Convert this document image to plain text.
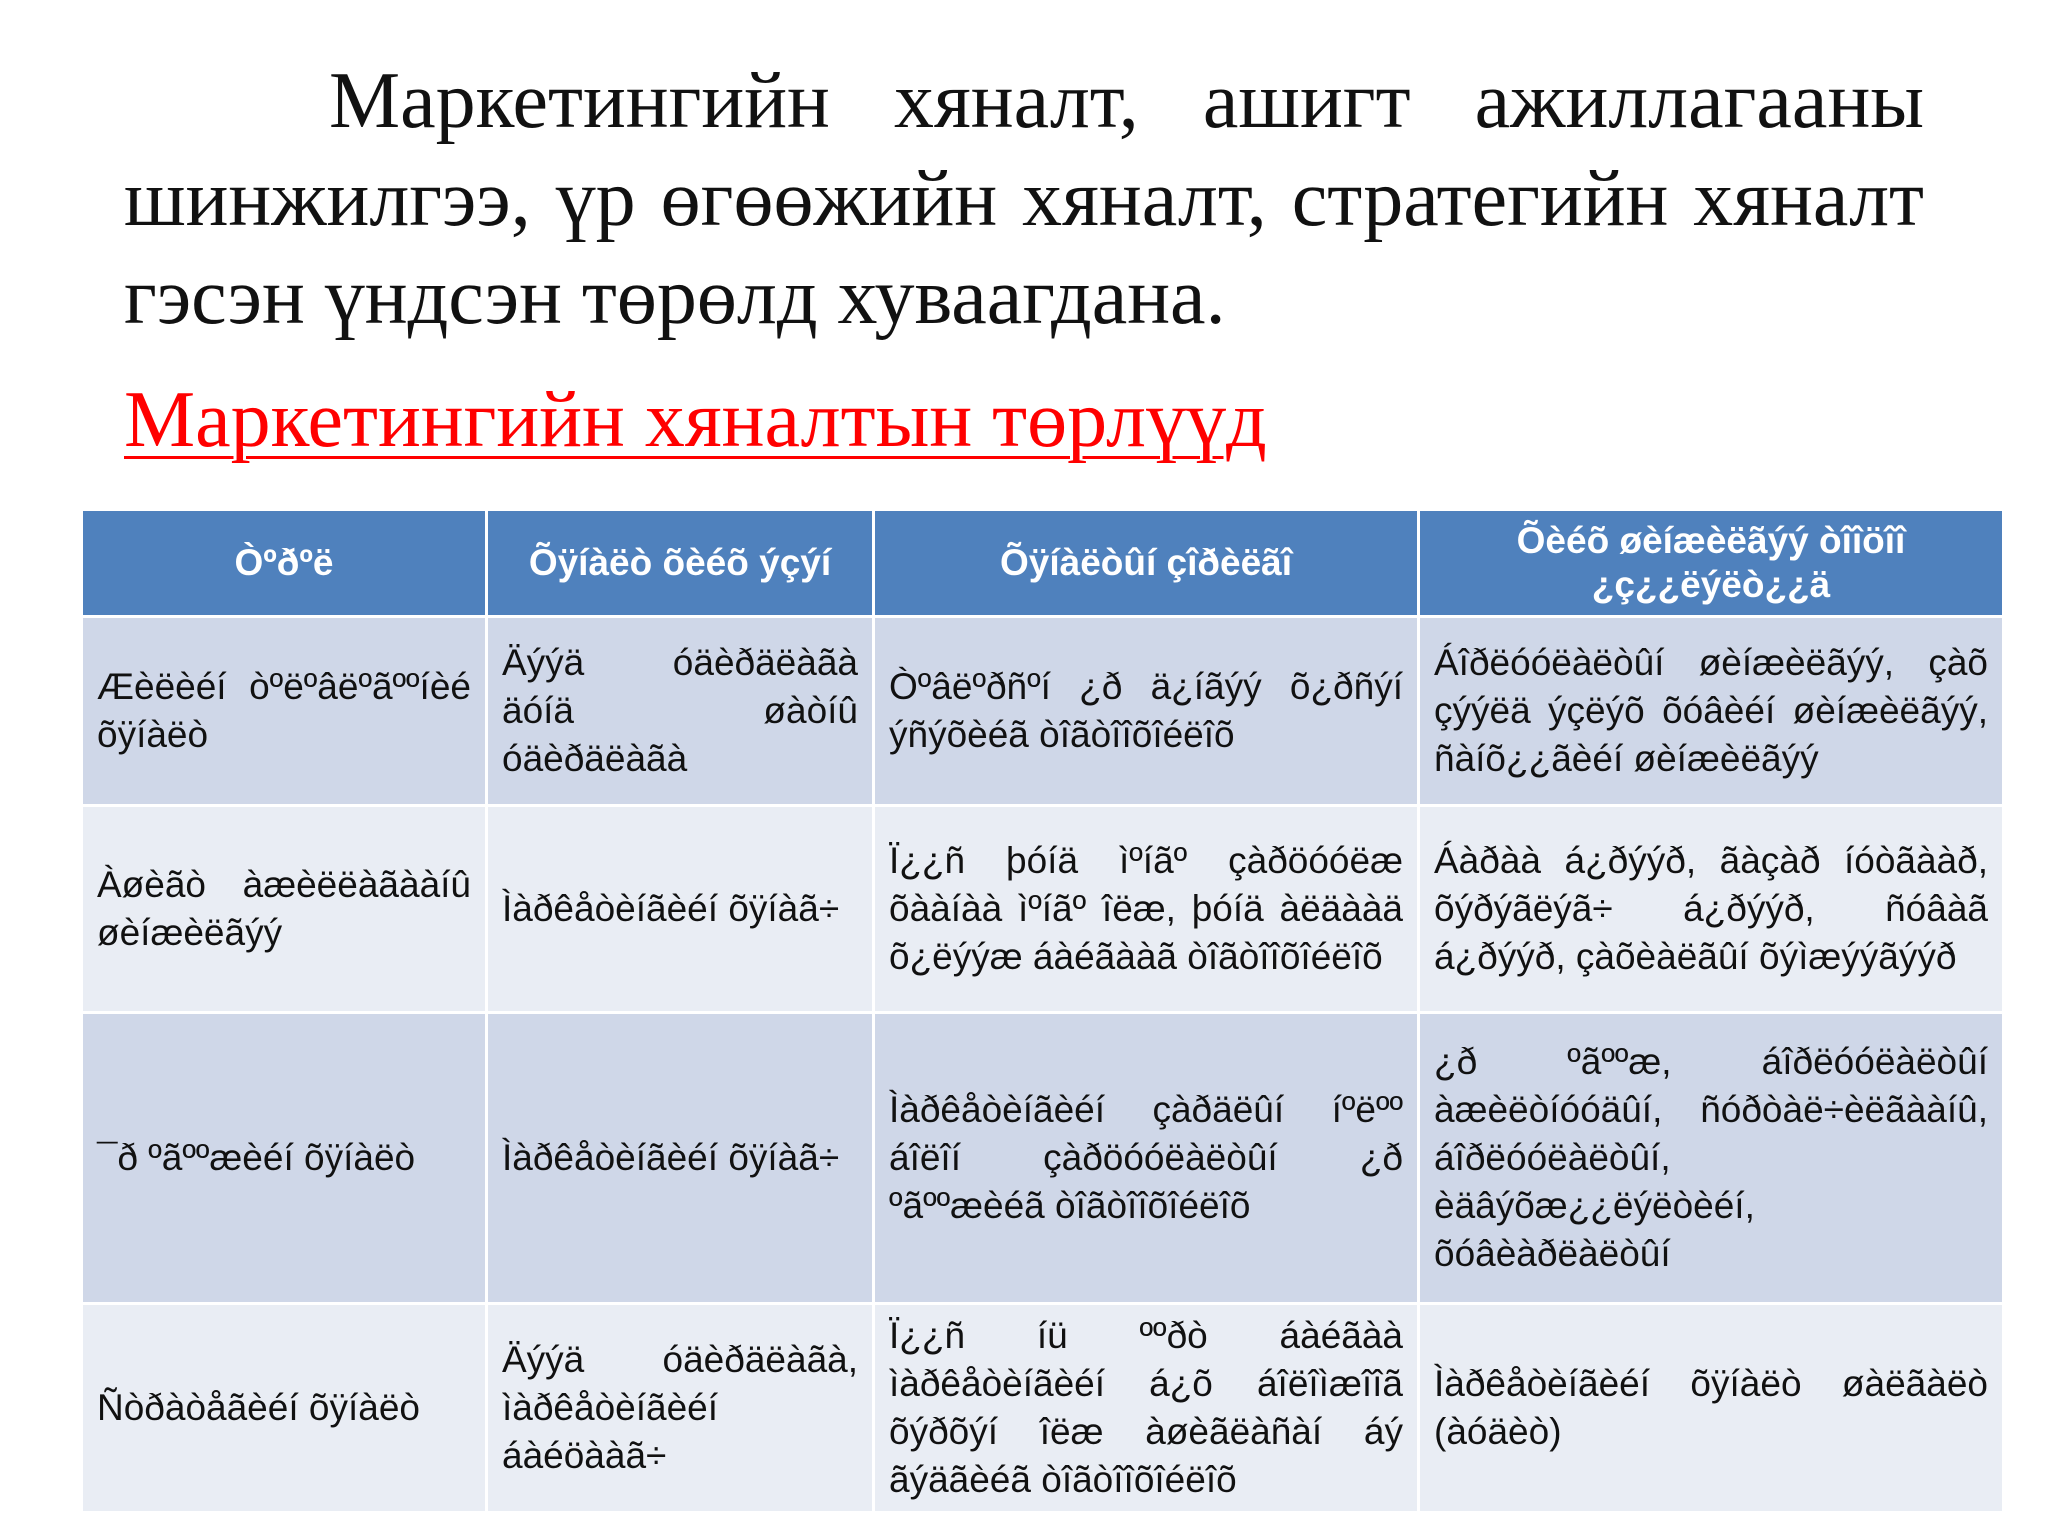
Маркетингийн хяналт, ашигт ажиллагааны шинжилгээ, үр өгөөжийн хяналт, стратегийн хяналт гэсэн үндсэн төрөлд хуваагдана.

Маркетингийн хяналтын төрлүүд
Òºðºë	Õÿíàëò õèéõ ýçýí	Õÿíàëòûí çîðèëãî	Õèéõ øèíæèëãýý òîîöîî ¿ç¿¿ëýëò¿¿ä
Æèëèéí òºëºâëºãººíèé õÿíàëò	Äýýä óäèðäëàãà äóíä øàòíû óäèðäëàãà	Òºâëºðñºí ¿ð ä¿íãýý õ¿ðñýí ýñýõèéã òîãòîîõîéëîõ	Áîðëóóëàëòûí øèíæèëãýý, çàõ çýýëä ýçëýõ õóâèéí øèíæèëãýý, ñàíõ¿¿ãèéí øèíæèëãýý
Àøèãò àæèëëàãààíû øèíæèëãýý	Ìàðêåòèíãèéí õÿíàã÷	Ï¿¿ñ þóíä ìºíãº çàðöóóëæ õààíàà ìºíãº îëæ, þóíä àëäààä õ¿ëýýæ áàéãààã òîãòîîõîéëîõ	Áàðàà á¿ðýýð, ãàçàð íóòãààð, õýðýãëýã÷ á¿ðýýð, ñóâàã á¿ðýýð, çàõèàëãûí õýìæýýãýýð
¯ð ºãººæèéí õÿíàëò	Ìàðêåòèíãèéí õÿíàã÷	Ìàðêåòèíãèéí çàðäëûí íºëºº áîëîí çàðöóóëàëòûí ¿ð ºãººæèéã òîãòîîõîéëîõ	¿ð ºãººæ, áîðëóóëàëòûí àæèëòíóóäûí, ñóðòàë÷èëãààíû, áîðëóóëàëòûí, èäâýõæ¿¿ëýëòèéí, õóâèàðëàëòûí
Ñòðàòåãèéí õÿíàëò	Äýýä óäèðäëàãà, ìàðêåòèíãèéí áàéöààã÷	Ï¿¿ñ íü ººðò áàéãàà ìàðêåòèíãèéí á¿õ áîëîìæîîã õýðõýí îëæ àøèãëàñàí áý ãýäãèéã òîãòîîõîéëîõ	Ìàðêåòèíãèéí õÿíàëò øàëãàëò (àóäèò)
